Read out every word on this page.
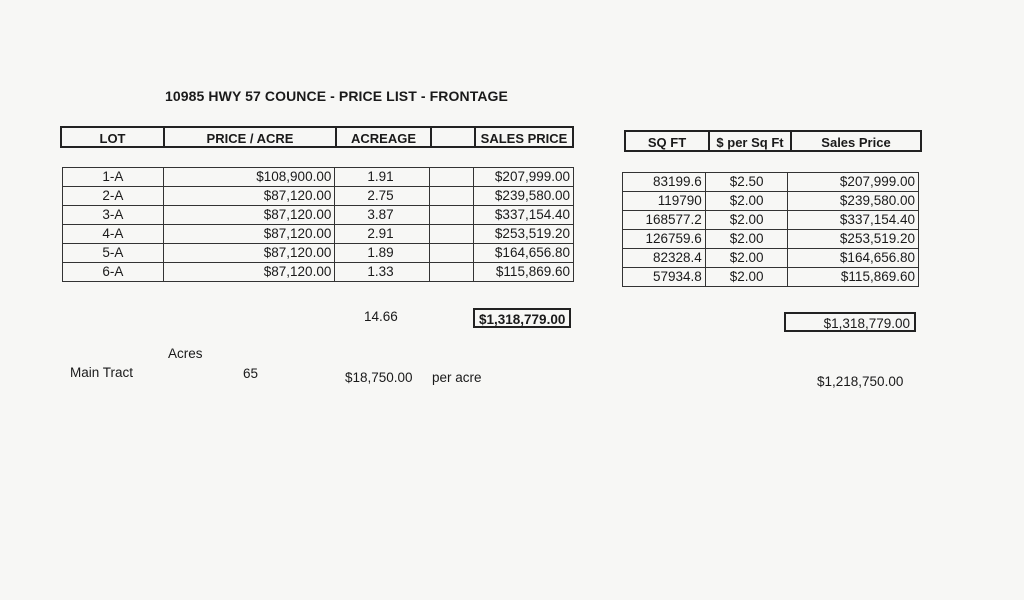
10985 HWY 57 COUNCE - PRICE LIST - FRONTAGE
LOT	PRICE / ACRE	ACREAGE	SALES PRICE
1-A	$108,900.00	1.91		$207,999.00
2-A	$87,120.00	2.75		$239,580.00
3-A	$87,120.00	3.87		$337,154.40
4-A	$87,120.00	2.91		$253,519.20
5-A	$87,120.00	1.89		$164,656.80
6-A	$87,120.00	1.33		$115,869.60
14.66	$1,318,779.00
SQ FT	$ per Sq Ft	Sales Price
83199.6	$2.50	$207,999.00
119790	$2.00	$239,580.00
168577.2	$2.00	$337,154.40
126759.6	$2.00	$253,519.20
82328.4	$2.00	$164,656.80
57934.8	$2.00	$115,869.60
$1,318,779.00
Acres
Main Tract	65	$18,750.00 per acre	$1,218,750.00
